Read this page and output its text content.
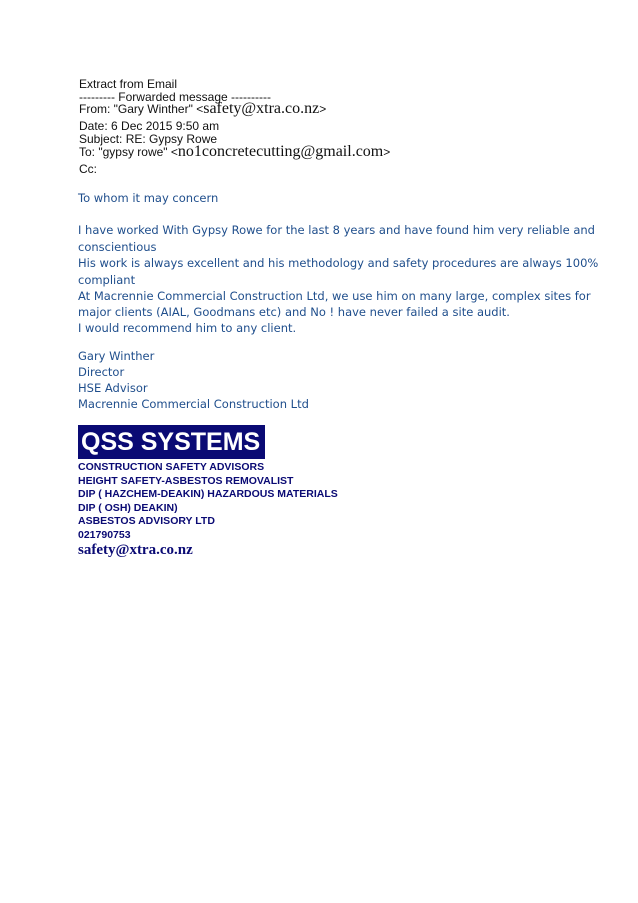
Extract from Email
--------- Forwarded message ----------
From: "Gary Winther" <safety@xtra.co.nz>
Date: 6 Dec 2015 9:50 am
Subject: RE: Gypsy Rowe
To: "gypsy rowe" <no1concretecutting@gmail.com>
Cc:
To whom it may concern
I have worked With Gypsy Rowe for the last 8 years and have found him very reliable and
conscientious
His work is always excellent and his methodology and safety procedures are always 100%
compliant
At Macrennie Commercial Construction Ltd, we use him on many large, complex sites for
major clients (AIAL, Goodmans etc) and No ! have never failed a site audit.
I would recommend him to any client.
Gary Winther
Director
HSE Advisor
Macrennie Commercial Construction Ltd
QSS SYSTEMS
CONSTRUCTION SAFETY ADVISORS
HEIGHT SAFETY-ASBESTOS REMOVALIST
DIP ( HAZCHEM-DEAKIN) HAZARDOUS MATERIALS
DIP ( OSH) DEAKIN)
ASBESTOS ADVISORY LTD
021790753
safety@xtra.co.nz
